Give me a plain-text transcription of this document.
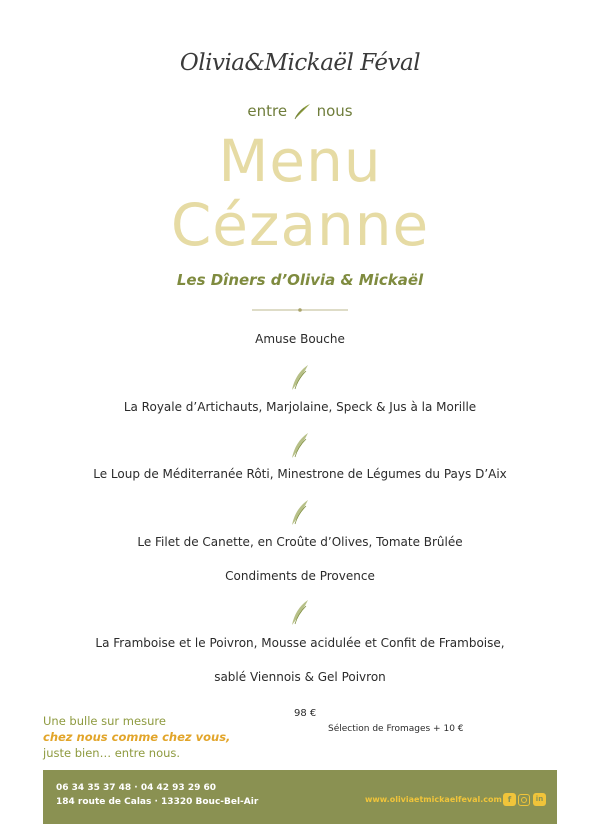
Olivia&Mickaël Féval
entre nous
Menu
Cézanne
Les Dîners d’Olivia & Mickaël
Amuse Bouche
La Royale d’Artichauts, Marjolaine, Speck & Jus à la Morille
Le Loup de Méditerranée Rôti, Minestrone de Légumes du Pays D’Aix
Le Filet de Canette, en Croûte d’Olives, Tomate Brûlée
Condiments de Provence
La Framboise et le Poivron, Mousse acidulée et Confit de Framboise,
sablé Viennois & Gel Poivron
98 €
Sélection de Fromages + 10 €
Une bulle sur mesure
chez nous comme chez vous,
juste bien… entre nous.
06 34 35 37 48 · 04 42 93 29 60
184 route de Calas · 13320 Bouc-Bel-Air	www.oliviaetmickaelfeval.com f	in
